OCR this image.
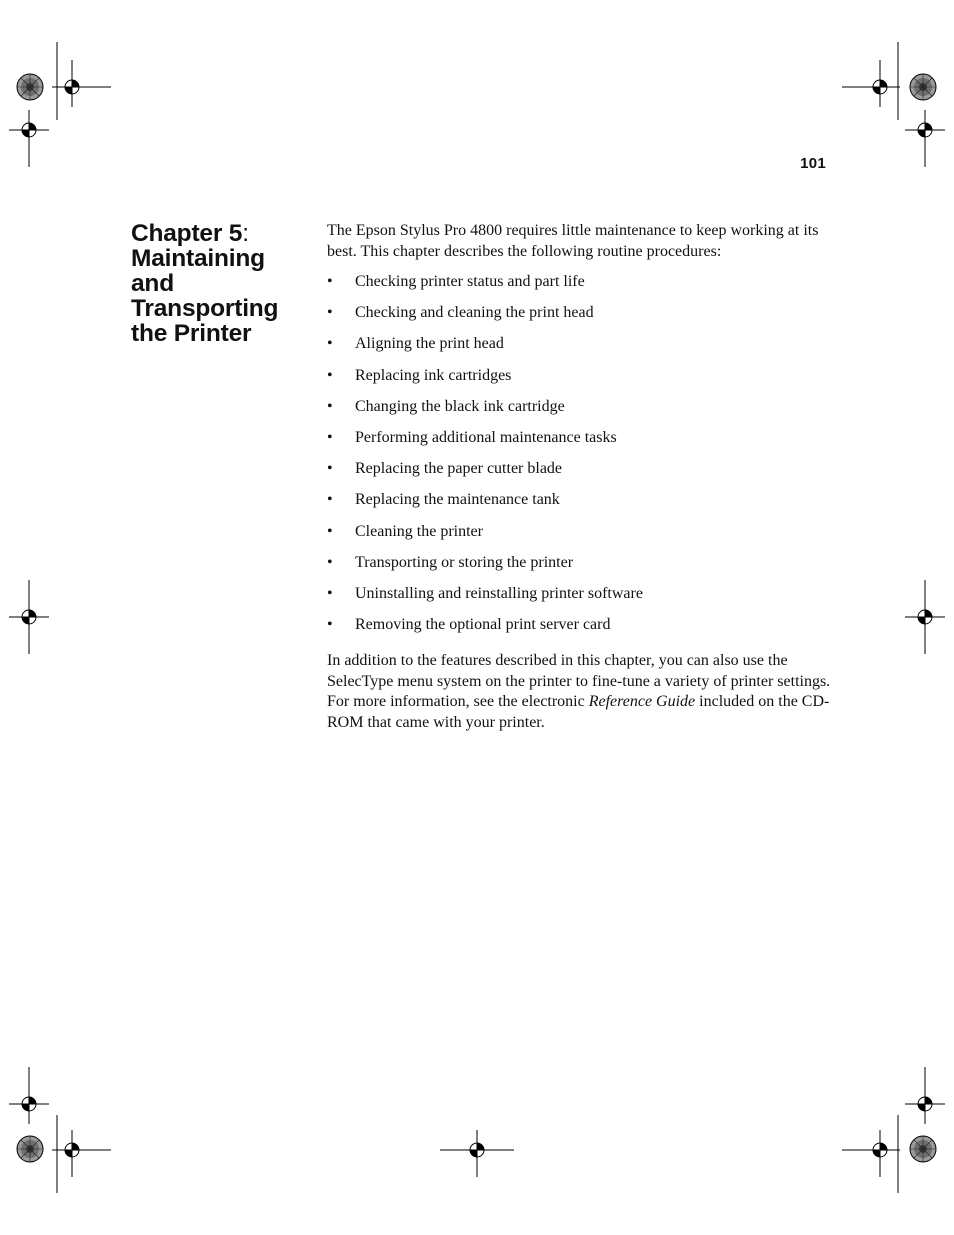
101
Chapter 5:
Maintaining
and
Transporting
the Printer

The Epson Stylus Pro 4800 requires little maintenance to keep working at its best. This chapter describes the following routine procedures:

• Checking printer status and part life
• Checking and cleaning the print head
• Aligning the print head
• Replacing ink cartridges
• Changing the black ink cartridge
• Performing additional maintenance tasks
• Replacing the paper cutter blade
• Replacing the maintenance tank
• Cleaning the printer
• Transporting or storing the printer
• Uninstalling and reinstalling printer software
• Removing the optional print server card

In addition to the features described in this chapter, you can also use the SelecType menu system on the printer to fine-tune a variety of printer settings. For more information, see the electronic Reference Guide included on the CD-ROM that came with your printer.
